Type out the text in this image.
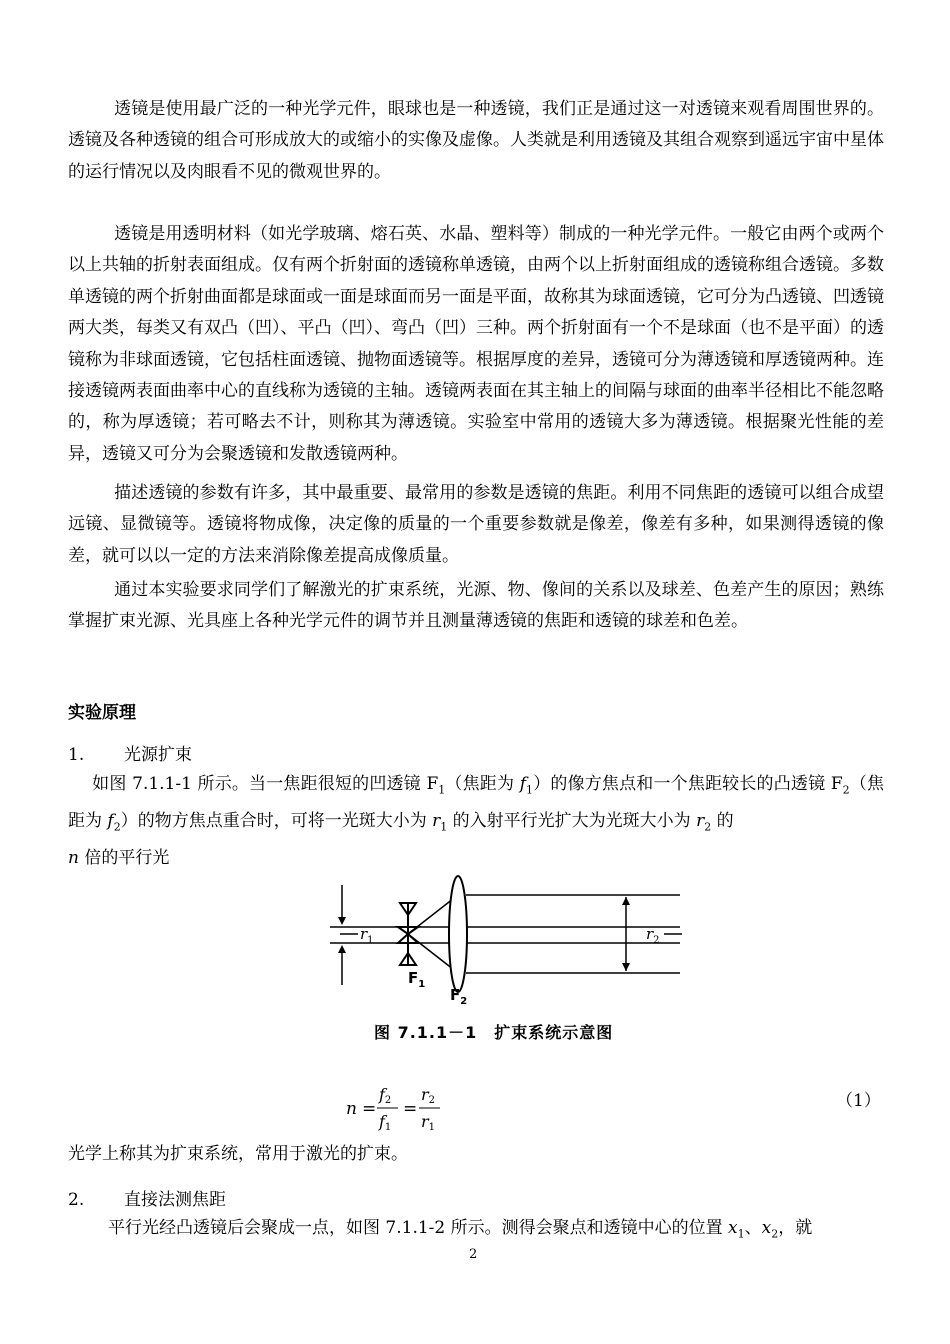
透镜是使用最广泛的一种光学元件，眼球也是一种透镜，我们正是通过这一对透镜来观看周围世界的。透镜及各种透镜的组合可形成放大的或缩小的实像及虚像。人类就是利用透镜及其组合观察到遥远宇宙中星体的运行情况以及肉眼看不见的微观世界的。

透镜是用透明材料（如光学玻璃、熔石英、水晶、塑料等）制成的一种光学元件。一般它由两个或两个以上共轴的折射表面组成。仅有两个折射面的透镜称单透镜，由两个以上折射面组成的透镜称组合透镜。多数单透镜的两个折射曲面都是球面或一面是球面而另一面是平面，故称其为球面透镜，它可分为凸透镜、凹透镜两大类，每类又有双凸（凹）、平凸（凹）、弯凸（凹）三种。两个折射面有一个不是球面（也不是平面）的透镜称为非球面透镜，它包括柱面透镜、抛物面透镜等。根据厚度的差异，透镜可分为薄透镜和厚透镜两种。连接透镜两表面曲率中心的直线称为透镜的主轴。透镜两表面在其主轴上的间隔与球面的曲率半径相比不能忽略的，称为厚透镜；若可略去不计，则称其为薄透镜。实验室中常用的透镜大多为薄透镜。根据聚光性能的差异，透镜又可分为会聚透镜和发散透镜两种。

描述透镜的参数有许多，其中最重要、最常用的参数是透镜的焦距。利用不同焦距的透镜可以组合成望远镜、显微镜等。透镜将物成像，决定像的质量的一个重要参数就是像差，像差有多种，如果测得透镜的像差，就可以以一定的方法来消除像差提高成像质量。

通过本实验要求同学们了解激光的扩束系统，光源、物、像间的关系以及球差、色差产生的原因；熟练掌握扩束光源、光具座上各种光学元件的调节并且测量薄透镜的焦距和透镜的球差和色差。

实验原理

1. 光源扩束

如图 7.1.1-1 所示。当一焦距很短的凹透镜 $F_1$（焦距为 $f_1$）的像方焦点和一个焦距较长的凸透镜 $F_2$（焦距为 $f_2$）的物方焦点重合时，可将一光斑大小为 $r_1$ 的入射平行光扩大为光斑大小为 $r_2$ 的
n 倍的平行光

$r_1$	$r_2$
$F_1$
$F_2$
图 7.1.1－1　扩束系统示意图
n =
f2
f1
=
r2
r1
（1）

光学上称其为扩束系统，常用于激光的扩束。

2. 直接法测焦距

平行光经凸透镜后会聚成一点，如图 7.1.1-2 所示。测得会聚点和透镜中心的位置 $x_1$、$x_2$，就

2
